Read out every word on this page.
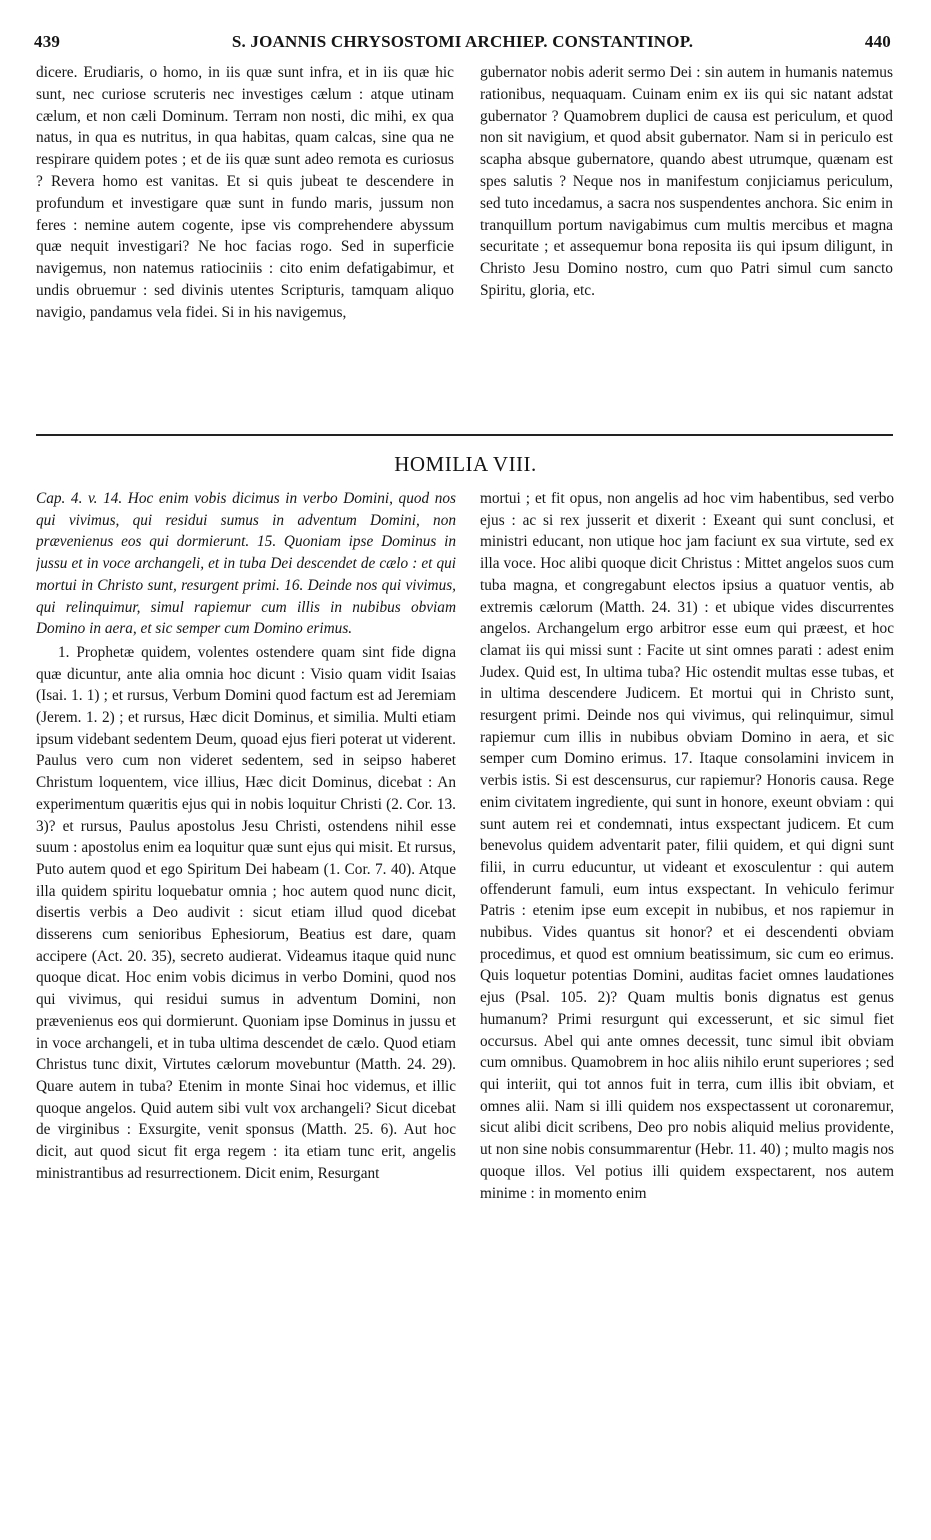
439	S. JOANNIS CHRYSOSTOMI ARCHIEP. CONSTANTINOP.	440

dicere. Erudiaris, o homo, in iis quæ sunt infra, et in iis quæ hic sunt, nec curiose scruteris nec investiges cælum : atque utinam cælum, et non cæli Dominum. Terram non nosti, dic mihi, ex qua natus, in qua es nutritus, in qua habitas, quam calcas, sine qua ne respirare quidem potes ; et de iis quæ sunt adeo remota es curiosus ? Revera homo est vanitas. Et si quis jubeat te descendere in profundum et investigare quæ sunt in fundo maris, jussum non feres : nemine autem cogente, ipse vis comprehendere abyssum quæ nequit investigari? Ne hoc facias rogo. Sed in superficie navigemus, non natemus ratiociniis : cito enim defatigabimur, et undis obruemur : sed divinis utentes Scripturis, tamquam aliquo navigio, pandamus vela fidei. Si in his navigemus,

gubernator nobis aderit sermo Dei : sin autem in humanis natemus rationibus, nequaquam. Cuinam enim ex iis qui sic natant adstat gubernator ? Quamobrem duplici de causa est periculum, et quod non sit navigium, et quod absit gubernator. Nam si in periculo est scapha absque gubernatore, quando abest utrumque, quænam est spes salutis ? Neque nos in manifestum conjiciamus periculum, sed tuto incedamus, a sacra nos suspendentes anchora. Sic enim in tranquillum portum navigabimus cum multis mercibus et magna securitate ; et assequemur bona reposita iis qui ipsum diligunt, in Christo Jesu Domino nostro, cum quo Patri simul cum sancto Spiritu, gloria, etc.

HOMILIA VIII.

Cap. 4. v. 14. Hoc enim vobis dicimus in verbo Domini, quod nos qui vivimus, qui residui sumus in adventum Domini, non prævenienus eos qui dormierunt. 15. Quoniam ipse Dominus in jussu et in voce archangeli, et in tuba Dei descendet de cælo : et qui mortui in Christo sunt, resurgent primi. 16. Deinde nos qui vivimus, qui relinquimur, simul rapiemur cum illis in nubibus obviam Domino in aera, et sic semper cum Domino erimus.

1. Prophetæ quidem, volentes ostendere quam sint fide digna quæ dicuntur, ante alia omnia hoc dicunt : Visio quam vidit Isaias (Isai. 1. 1) ; et rursus, Verbum Domini quod factum est ad Jeremiam (Jerem. 1. 2) ; et rursus, Hæc dicit Dominus, et similia. Multi etiam ipsum videbant sedentem Deum, quoad ejus fieri poterat ut viderent. Paulus vero cum non videret sedentem, sed in seipso haberet Christum loquentem, vice illius, Hæc dicit Dominus, dicebat : An experimentum quæritis ejus qui in nobis loquitur Christi (2. Cor. 13. 3)? et rursus, Paulus apostolus Jesu Christi, ostendens nihil esse suum : apostolus enim ea loquitur quæ sunt ejus qui misit. Et rursus, Puto autem quod et ego Spiritum Dei habeam (1. Cor. 7. 40). Atque illa quidem spiritu loquebatur omnia ; hoc autem quod nunc dicit, disertis verbis a Deo audivit : sicut etiam illud quod dicebat disserens cum senioribus Ephesiorum, Beatius est dare, quam accipere (Act. 20. 35), secreto audierat. Videamus itaque quid nunc quoque dicat. Hoc enim vobis dicimus in verbo Domini, quod nos qui vivimus, qui residui sumus in adventum Domini, non prævenienus eos qui dormierunt. Quoniam ipse Dominus in jussu et in voce archangeli, et in tuba ultima descendet de cælo. Quod etiam Christus tunc dixit, Virtutes cælorum movebuntur (Matth. 24. 29). Quare autem in tuba? Etenim in monte Sinai hoc videmus, et illic quoque angelos. Quid autem sibi vult vox archangeli? Sicut dicebat de virginibus : Exsurgite, venit sponsus (Matth. 25. 6). Aut hoc dicit, aut quod sicut fit erga regem : ita etiam tunc erit, angelis ministrantibus ad resurrectionem. Dicit enim, Resurgant

mortui ; et fit opus, non angelis ad hoc vim habentibus, sed verbo ejus : ac si rex jusserit et dixerit : Exeant qui sunt conclusi, et ministri educant, non utique hoc jam faciunt ex sua virtute, sed ex illa voce. Hoc alibi quoque dicit Christus : Mittet angelos suos cum tuba magna, et congregabunt electos ipsius a quatuor ventis, ab extremis cælorum (Matth. 24. 31) : et ubique vides discurrentes angelos. Archangelum ergo arbitror esse eum qui præest, et hoc clamat iis qui missi sunt : Facite ut sint omnes parati : adest enim Judex. Quid est, In ultima tuba? Hic ostendit multas esse tubas, et in ultima descendere Judicem. Et mortui qui in Christo sunt, resurgent primi. Deinde nos qui vivimus, qui relinquimur, simul rapiemur cum illis in nubibus obviam Domino in aera, et sic semper cum Domino erimus. 17. Itaque consolamini invicem in verbis istis. Si est descensurus, cur rapiemur? Honoris causa. Rege enim civitatem ingrediente, qui sunt in honore, exeunt obviam : qui sunt autem rei et condemnati, intus exspectant judicem. Et cum benevolus quidem adventarit pater, filii quidem, et qui digni sunt filii, in curru educuntur, ut videant et exosculentur : qui autem offenderunt famuli, eum intus exspectant. In vehiculo ferimur Patris : etenim ipse eum excepit in nubibus, et nos rapiemur in nubibus. Vides quantus sit honor? et ei descendenti obviam procedimus, et quod est omnium beatissimum, sic cum eo erimus. Quis loquetur potentias Domini, auditas faciet omnes laudationes ejus (Psal. 105. 2)? Quam multis bonis dignatus est genus humanum? Primi resurgunt qui excesserunt, et sic simul fiet occursus. Abel qui ante omnes decessit, tunc simul ibit obviam cum omnibus. Quamobrem in hoc aliis nihilo erunt superiores ; sed qui interiit, qui tot annos fuit in terra, cum illis ibit obviam, et omnes alii. Nam si illi quidem nos exspectassent ut coronaremur, sicut alibi dicit scribens, Deo pro nobis aliquid melius providente, ut non sine nobis consummarentur (Hebr. 11. 40) ; multo magis nos quoque illos. Vel potius illi quidem exspectarent, nos autem minime : in momento enim
